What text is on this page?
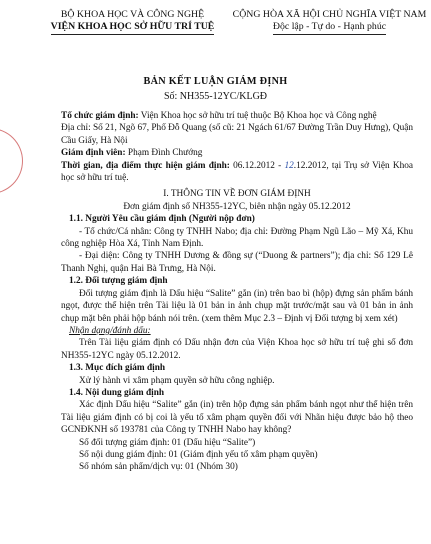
BỘ KHOA HỌC VÀ CÔNG NGHỆ
VIỆN KHOA HỌC SỞ HỮU TRÍ TUỆ
CỘNG HÒA XÃ HỘI CHỦ NGHĨA VIỆT NAM
Độc lập - Tự do - Hạnh phúc
BẢN KẾT LUẬN GIÁM ĐỊNH
Số: NH355-12YC/KLGĐ

Tổ chức giám định: Viện Khoa học sở hữu trí tuệ thuộc Bộ Khoa học và Công nghệ

Địa chỉ: Số 21, Ngõ 67, Phố Đỗ Quang (số cũ: 21 Ngách 61/67 Đường Trần Duy Hưng), Quận Cầu Giấy, Hà Nội

Giám định viên: Phạm Đình Chướng

Thời gian, địa điểm thực hiện giám định: 06.12.2012 - 12.12.2012, tại Trụ sở Viện Khoa học sở hữu trí tuệ.

I. THÔNG TIN VỀ ĐƠN GIÁM ĐỊNH

Đơn giám định số NH355-12YC, biên nhận ngày 05.12.2012

1.1. Người Yêu cầu giám định (Người nộp đơn)

- Tổ chức/Cá nhân: Công ty TNHH Nabo; địa chỉ: Đường Phạm Ngũ Lão – Mỹ Xá, Khu công nghiệp Hòa Xá, Tỉnh Nam Định.

- Đại diện: Công ty TNHH Dương & đồng sự (“Duong & partners”); địa chỉ: Số 129 Lê Thanh Nghị, quận Hai Bà Trưng, Hà Nội.

1.2. Đối tượng giám định

Đối tượng giám định là Dấu hiệu “Salite” gắn (in) trên bao bì (hộp) đựng sản phẩm bánh ngọt, được thể hiện trên Tài liệu là 01 bản in ảnh chụp mặt trước/mặt sau và 01 bản in ảnh chụp mặt bên phải hộp bánh nói trên. (xem thêm Mục 2.3 – Định vị Đối tượng bị xem xét)

Nhận dạng/đánh dấu:

Trên Tài liệu giám định có Dấu nhận đơn của Viện Khoa học sở hữu trí tuệ ghi số đơn NH355-12YC ngày 05.12.2012.

1.3. Mục đích giám định

Xử lý hành vi xâm phạm quyền sở hữu công nghiệp.

1.4. Nội dung giám định

Xác định Dấu hiệu “Salite” gắn (in) trên hộp đựng sản phẩm bánh ngọt như thể hiện trên Tài liệu giám định có bị coi là yếu tố xâm phạm quyền đối với Nhãn hiệu được bảo hộ theo GCNĐKNH số 193781 của Công ty TNHH Nabo hay không?

Số đối tượng giám định: 01 (Dấu hiệu “Salite”)

Số nội dung giám định: 01 (Giám định yếu tố xâm phạm quyền)

Số nhóm sản phẩm/dịch vụ: 01 (Nhóm 30)
